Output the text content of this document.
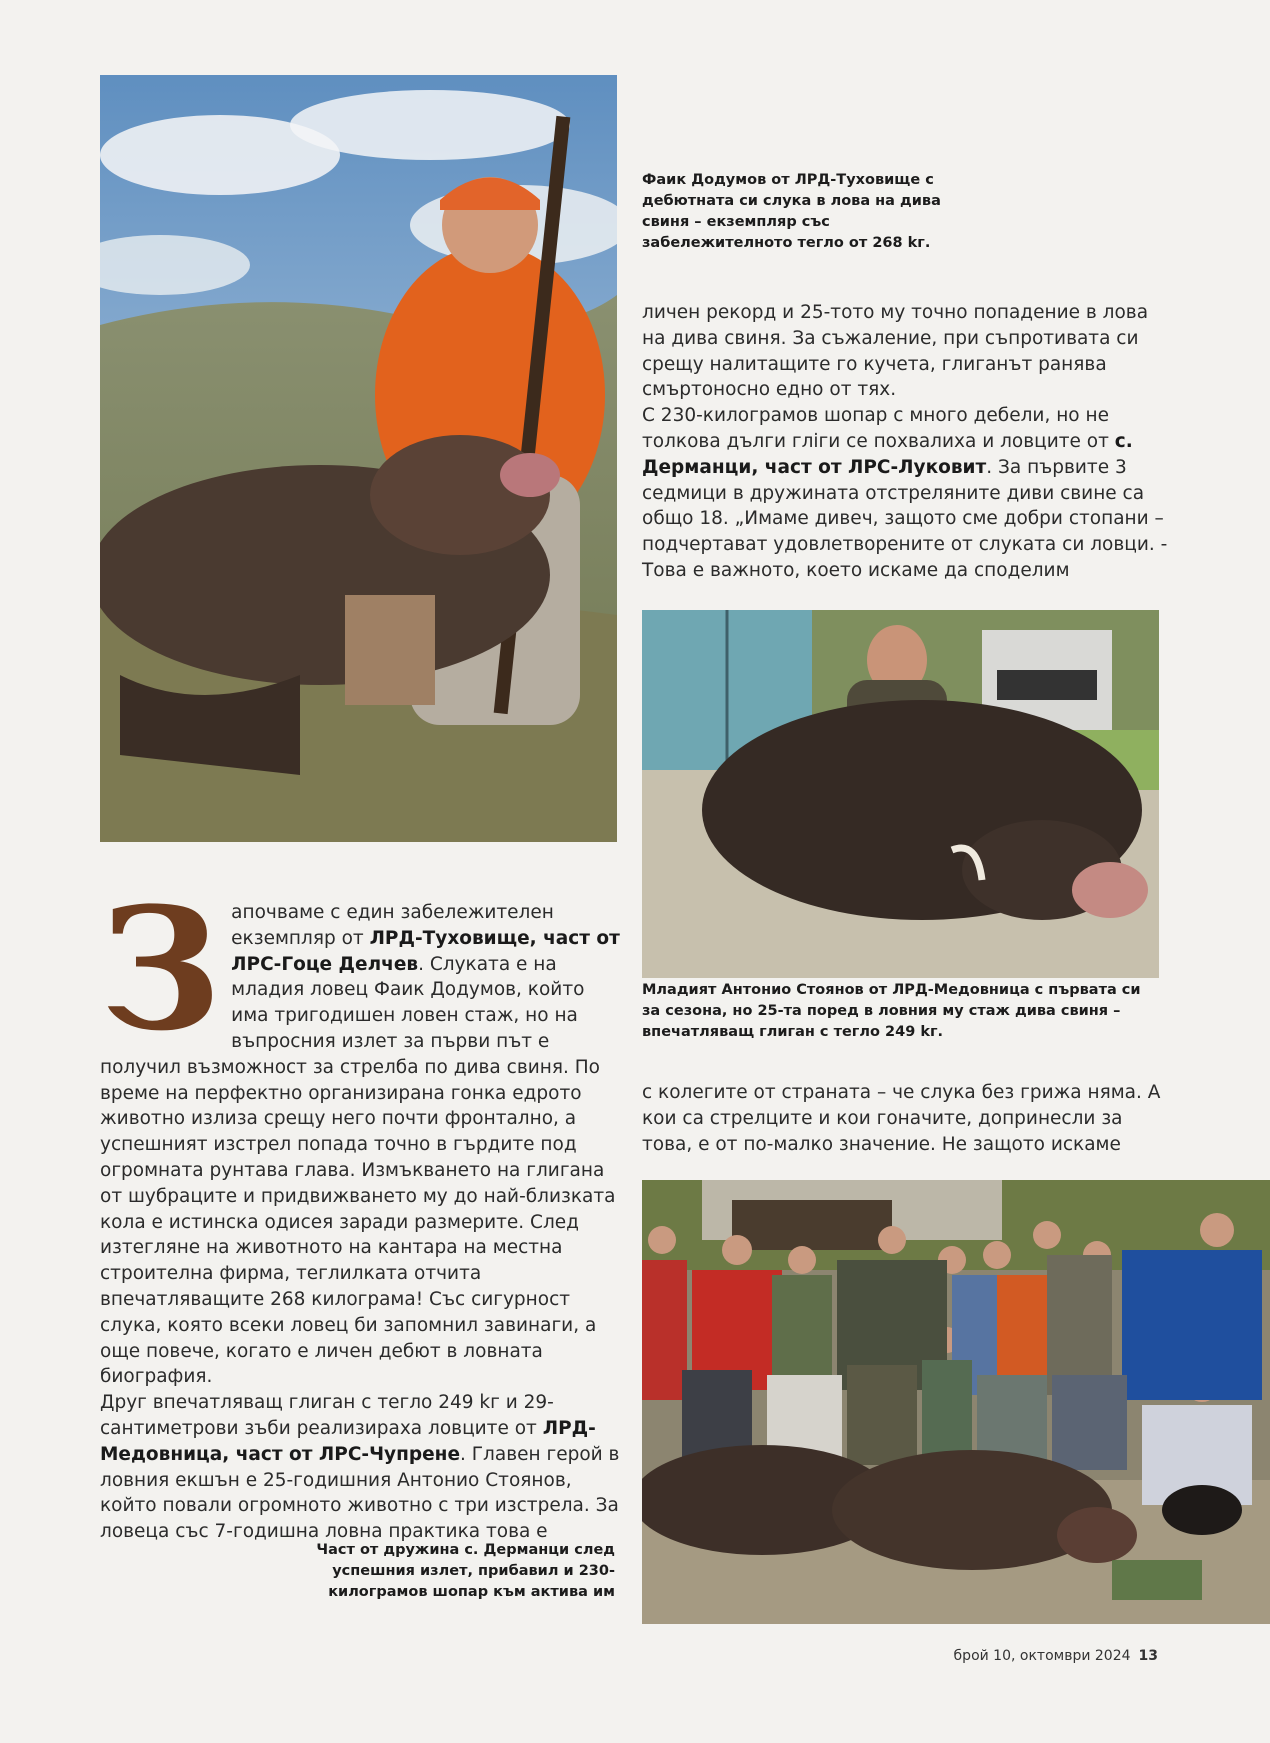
Фаик Додумов от ЛРД-Туховище с дебютната си слука в лова на дива свиня – екземпляр със забележителното тегло от 268 kг.

личен рекорд и 25-тото му точно попадение в лова на дива свиня. За съжаление, при съпротивата си срещу налитащите го кучета, глиганът ранява смъртоносно едно от тях.

С 230-килограмов шопар с много дебели, но не толкова дълги гліги се похвалиха и ловците от с. Дерманци, част от ЛРС-Луковит. За първите 3 седмици в дружината отстреляните диви свине са общо 18. „Имаме дивеч, защото сме добри стопани – подчертават удовлетворените от слуката си ловци. - Това е важното, което искаме да споделим

Младият Антонио Стоянов от ЛРД-Медовница с първата си за сезона, но 25-та поред в ловния му стаж дива свиня – впечатляващ глиган с тегло 249 kг.

с колегите от страната – че слука без грижа няма. А кои са стрелците и кои гоначите, допринесли за това, е от по-малко значение. Не защото искаме

Започваме с един забележителен екземпляр от ЛРД-Туховище, част от ЛРС-Гоце Делчев. Слуката е на младия ловец Фаик Додумов, който има тригодишен ловен стаж, но на въпросния излет за първи път е получил възможност за стрелба по дива свиня. По време на перфектно организирана гонка едрото животно излиза срещу него почти фронтално, а успешният изстрел попада точно в гърдите под огромната рунтава глава. Измъкването на глигана от шубраците и придвижването му до най-близката кола е истинска одисея заради размерите. След изтегляне на животното на кантара на местна строителна фирма, теглилката отчита впечатляващите 268 килограма! Със сигурност слука, която всеки ловец би запомнил завинаги, а още повече, когато е личен дебют в ловната биография.

Друг впечатляващ глиган с тегло 249 kг и 29-сантиметрови зъби реализираха ловците от ЛРД-Медовница, част от ЛРС-Чупрене. Главен герой в ловния екшън е 25-годишния Антонио Стоянов, който повали огромното животно с три изстрела. За ловеца със 7-годишна ловна практика това е

Част от дружина с. Дерманци след успешния излет, прибавил и 230-килограмов шопар към актива им
брой 10, октомври 2024 13
